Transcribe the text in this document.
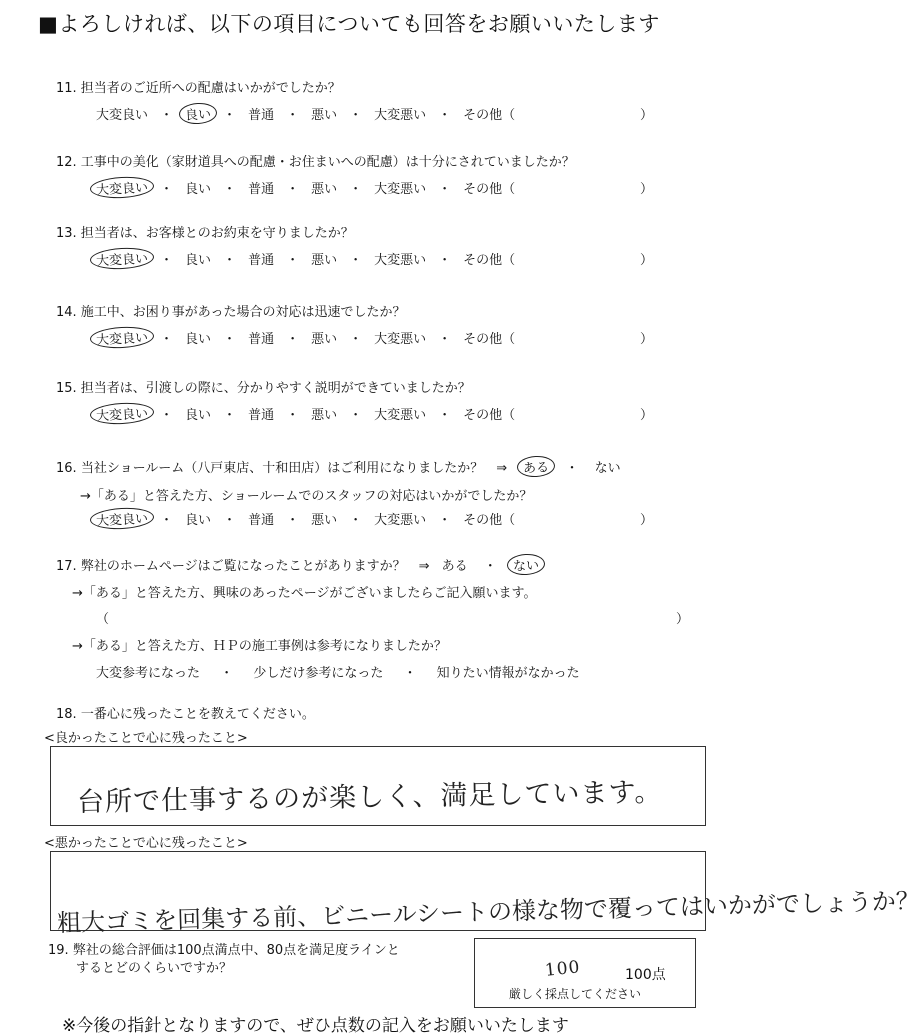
■よろしければ、以下の項目についても回答をお願いいたします
11. 担当者のご近所への配慮はいかがでしたか？
大変良い ・ 良い ・ 普通 ・ 悪い ・ 大変悪い ・ その他（	）
12. 工事中の美化（家財道具への配慮・お住まいへの配慮）は十分にされていましたか？
大変良い ・ 良い ・ 普通 ・ 悪い ・ 大変悪い ・ その他（	）
13. 担当者は、お客様とのお約束を守りましたか？
大変良い ・ 良い ・ 普通 ・ 悪い ・ 大変悪い ・ その他（	）
14. 施工中、お困り事があった場合の対応は迅速でしたか？
大変良い ・ 良い ・ 普通 ・ 悪い ・ 大変悪い ・ その他（	）
15. 担当者は、引渡しの際に、分かりやすく説明ができていましたか？
大変良い ・ 良い ・ 普通 ・ 悪い ・ 大変悪い ・ その他（	）
16. 当社ショールーム（八戸東店、十和田店）はご利用になりましたか？　⇒ ある ・ ない
→「ある」と答えた方、ショールームでのスタッフの対応はいかがでしたか？
大変良い ・ 良い ・ 普通 ・ 悪い ・ 大変悪い ・ その他（	）
17. 弊社のホームページはご覧になったことがありますか？　⇒ ある ・ ない
→「ある」と答えた方、興味のあったページがございましたらご記入願います。
（	）
→「ある」と答えた方、ＨＰの施工事例は参考になりましたか？
大変参考になった ・ 少しだけ参考になった ・ 知りたい情報がなかった
18. 一番心に残ったことを教えてください。
<良かったことで心に残ったこと>
台所で仕事するのが楽しく、満足しています。
<悪かったことで心に残ったこと>
粗大ゴミを回集する前、ビニールシートの様な物で覆ってはいかがでしょうか？
19. 弊社の総合評価は100点満点中、80点を満足度ラインと
するとどのくらいですか？	100	100点
厳しく採点してください
※今後の指針となりますので、ぜひ点数の記入をお願いいたします
